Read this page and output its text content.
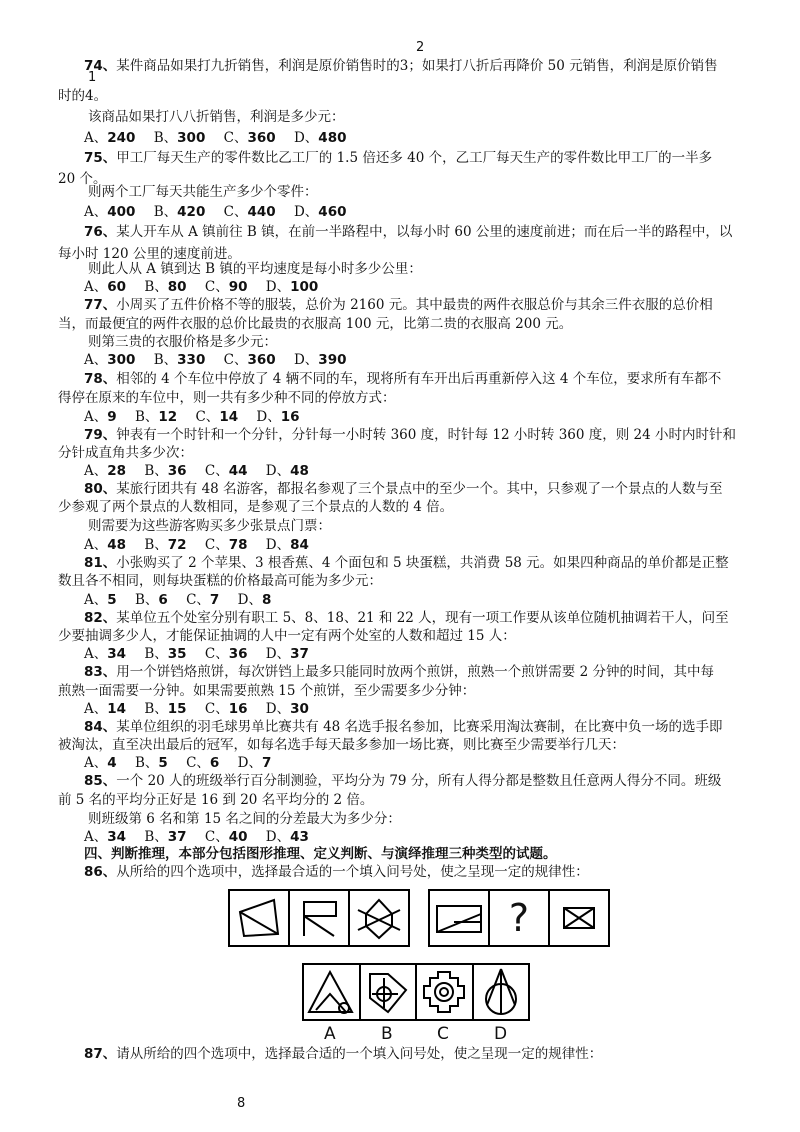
2
1
74、某件商品如果打九折销售，利润是原价销售时的3；如果打八折后再降价 50 元销售，利润是原价销售
时的4。
该商品如果打八八折销售，利润是多少元：
A、240 B、300 C、360 D、480
75、甲工厂每天生产的零件数比乙工厂的 1.5 倍还多 40 个，乙工厂每天生产的零件数比甲工厂的一半多
20 个。
则两个工厂每天共能生产多少个零件：
A、400 B、420 C、440 D、460
76、某人开车从 A 镇前往 B 镇，在前一半路程中，以每小时 60 公里的速度前进；而在后一半的路程中，以
每小时 120 公里的速度前进。
则此人从 A 镇到达 B 镇的平均速度是每小时多少公里：
A、60 B、80 C、90 D、100
77、小周买了五件价格不等的服装，总价为 2160 元。其中最贵的两件衣服总价与其余三件衣服的总价相
当，而最便宜的两件衣服的总价比最贵的衣服高 100 元，比第二贵的衣服高 200 元。
则第三贵的衣服价格是多少元：
A、300 B、330 C、360 D、390
78、相邻的 4 个车位中停放了 4 辆不同的车，现将所有车开出后再重新停入这 4 个车位，要求所有车都不
得停在原来的车位中，则一共有多少种不同的停放方式：
A、9 B、12 C、14 D、16
79、钟表有一个时针和一个分针，分针每一小时转 360 度，时针每 12 小时转 360 度，则 24 小时内时针和
分针成直角共多少次：
A、28 B、36 C、44 D、48
80、某旅行团共有 48 名游客，都报名参观了三个景点中的至少一个。其中，只参观了一个景点的人数与至
少参观了两个景点的人数相同，是参观了三个景点的人数的 4 倍。
则需要为这些游客购买多少张景点门票：
A、48 B、72 C、78 D、84
81、小张购买了 2 个苹果、3 根香蕉、4 个面包和 5 块蛋糕，共消费 58 元。如果四种商品的单价都是正整
数且各不相同，则每块蛋糕的价格最高可能为多少元：
A、5 B、6 C、7 D、8
82、某单位五个处室分别有职工 5、8、18、21 和 22 人，现有一项工作要从该单位随机抽调若干人，问至
少要抽调多少人，才能保证抽调的人中一定有两个处室的人数和超过 15 人：
A、34 B、35 C、36 D、37
83、用一个饼铛烙煎饼，每次饼铛上最多只能同时放两个煎饼，煎熟一个煎饼需要 2 分钟的时间，其中每
煎熟一面需要一分钟。如果需要煎熟 15 个煎饼，至少需要多少分钟：
A、14 B、15 C、16 D、30
84、某单位组织的羽毛球男单比赛共有 48 名选手报名参加，比赛采用淘汰赛制，在比赛中负一场的选手即
被淘汰，直至决出最后的冠军，如每名选手每天最多参加一场比赛，则比赛至少需要举行几天：
A、4 B、5 C、6 D、7
85、一个 20 人的班级举行百分制测验，平均分为 79 分，所有人得分都是整数且任意两人得分不同。班级
前 5 名的平均分正好是 16 到 20 名平均分的 2 倍。
则班级第 6 名和第 15 名之间的分差最大为多少分：
A、34 B、37 C、40 D、43
四、判断推理，本部分包括图形推理、定义判断、与演绎推理三种类型的试题。
86、从所给的四个选项中，选择最合适的一个填入问号处，使之呈现一定的规律性：
?
A	B	C	D
87、请从所给的四个选项中，选择最合适的一个填入问号处，使之呈现一定的规律性：
8
